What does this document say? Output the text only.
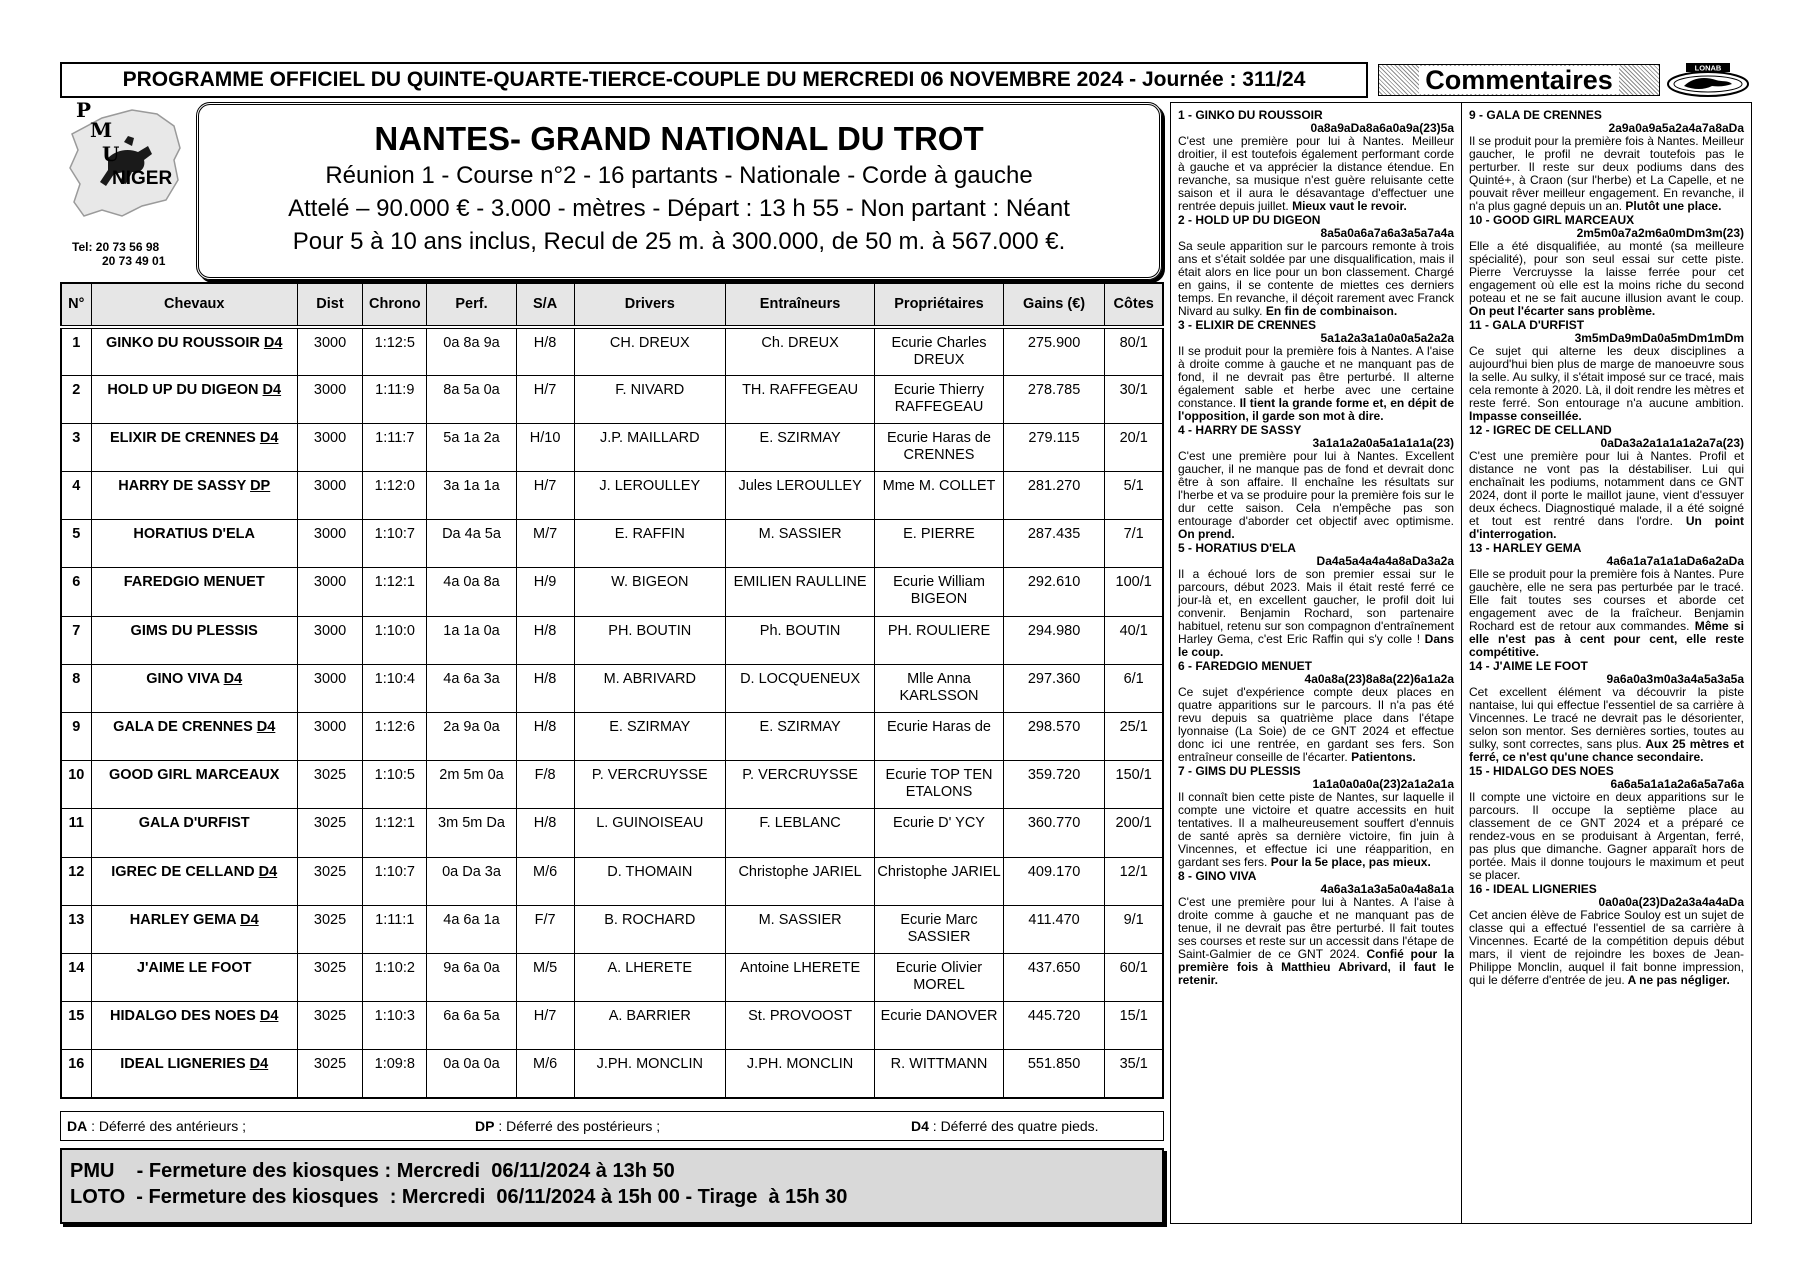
PROGRAMME OFFICIEL DU QUINTE-QUARTE-TIERCE-COUPLE DU MERCREDI 06 NOVEMBRE 2024 - Journée : 311/24	Commentaires	LONAB
P
M
U
NIGER
Tel: 20 73 56 98
20 73 49 01
NANTES- GRAND NATIONAL DU TROT
Réunion 1 - Course n°2 - 16 partants - Nationale - Corde à gauche
Attelé – 90.000 € - 3.000 - mètres - Départ : 13 h 55 - Non partant : Néant
Pour 5 à 10 ans inclus, Recul de 25 m. à 300.000, de 50 m. à 567.000 €.
N°	Chevaux	Dist	Chrono	Perf.	S/A	Drivers	Entraîneurs	Propriétaires	Gains (€)	Côtes
1	GINKO DU ROUSSOIR D4	3000	1:12:5	0a 8a 9a	H/8	CH. DREUX	Ch. DREUX	Ecurie Charles DREUX	275.900	80/1
2	HOLD UP DU DIGEON D4	3000	1:11:9	8a 5a 0a	H/7	F. NIVARD	TH. RAFFEGEAU	Ecurie Thierry RAFFEGEAU	278.785	30/1
3	ELIXIR DE CRENNES D4	3000	1:11:7	5a 1a 2a	H/10	J.P. MAILLARD	E. SZIRMAY	Ecurie Haras de CRENNES	279.115	20/1
4	HARRY DE SASSY DP	3000	1:12:0	3a 1a 1a	H/7	J. LEROULLEY	Jules LEROULLEY	Mme M. COLLET	281.270	5/1
5	HORATIUS D'ELA	3000	1:10:7	Da 4a 5a	M/7	E. RAFFIN	M. SASSIER	E. PIERRE	287.435	7/1
6	FAREDGIO MENUET	3000	1:12:1	4a 0a 8a	H/9	W. BIGEON	EMILIEN RAULLINE	Ecurie William BIGEON	292.610	100/1
7	GIMS DU PLESSIS	3000	1:10:0	1a 1a 0a	H/8	PH. BOUTIN	Ph. BOUTIN	PH. ROULIERE	294.980	40/1
8	GINO VIVA D4	3000	1:10:4	4a 6a 3a	H/8	M. ABRIVARD	D. LOCQUENEUX	Mlle Anna KARLSSON	297.360	6/1
9	GALA DE CRENNES D4	3000	1:12:6	2a 9a 0a	H/8	E. SZIRMAY	E. SZIRMAY	Ecurie Haras de	298.570	25/1
10	GOOD GIRL MARCEAUX	3025	1:10:5	2m 5m 0a	F/8	P. VERCRUYSSE	P. VERCRUYSSE	Ecurie TOP TEN ETALONS	359.720	150/1
11	GALA D'URFIST	3025	1:12:1	3m 5m Da	H/8	L. GUINOISEAU	F. LEBLANC	Ecurie D' YCY	360.770	200/1
12	IGREC DE CELLAND D4	3025	1:10:7	0a Da 3a	M/6	D. THOMAIN	Christophe JARIEL	Christophe JARIEL	409.170	12/1
13	HARLEY GEMA D4	3025	1:11:1	4a 6a 1a	F/7	B. ROCHARD	M. SASSIER	Ecurie Marc SASSIER	411.470	9/1
14	J'AIME LE FOOT	3025	1:10:2	9a 6a 0a	M/5	A. LHERETE	Antoine LHERETE	Ecurie Olivier MOREL	437.650	60/1
15	HIDALGO DES NOES D4	3025	1:10:3	6a 6a 5a	H/7	A. BARRIER	St. PROVOOST	Ecurie DANOVER	445.720	15/1
16	IDEAL LIGNERIES D4	3025	1:09:8	0a 0a 0a	M/6	J.PH. MONCLIN	J.PH. MONCLIN	R. WITTMANN	551.850	35/1
DA : Déferré des antérieurs ;	DP : Déferré des postérieurs ;	D4 : Déferré des quatre pieds.
PMU    - Fermeture des kiosques : Mercredi  06/11/2024 à 13h 50
LOTO  - Fermeture des kiosques  : Mercredi  06/11/2024 à 15h 00 - Tirage  à 15h 30
1 - GINKO DU ROUSSOIR
0a8a9aDa8a6a0a9a(23)5a
C'est une première pour lui à Nantes. Meilleur droitier, il est toutefois également performant corde à gauche et va apprécier la distance étendue. En revanche, sa musique n'est guère reluisante cette saison et il aura le désavantage d'effectuer une rentrée depuis juillet. Mieux vaut le revoir.
2 - HOLD UP DU DIGEON
8a5a0a6a7a6a3a5a7a4a
Sa seule apparition sur le parcours remonte à trois ans et s'était soldée par une disqualification, mais il était alors en lice pour un bon classement. Chargé en gains, il se contente de miettes ces derniers temps. En revanche, il déçoit rarement avec Franck Nivard au sulky. En fin de combinaison.
3 - ELIXIR DE CRENNES
5a1a2a3a1a0a0a5a2a2a
Il se produit pour la première fois à Nantes. A l'aise à droite comme à gauche et ne manquant pas de fond, il ne devrait pas être perturbé. Il alterne également sable et herbe avec une certaine constance. Il tient la grande forme et, en dépit de l'opposition, il garde son mot à dire.
4 - HARRY DE SASSY
3a1a1a2a0a5a1a1a1a(23)
C'est une première pour lui à Nantes. Excellent gaucher, il ne manque pas de fond et devrait donc être à son affaire. Il enchaîne les résultats sur l'herbe et va se produire pour la première fois sur le dur cette saison. Cela n'empêche pas son entourage d'aborder cet objectif avec optimisme. On prend.
5 - HORATIUS D'ELA
Da4a5a4a4a4a8aDa3a2a
Il a échoué lors de son premier essai sur le parcours, début 2023. Mais il était resté ferré ce jour-là et, en excellent gaucher, le profil doit lui convenir. Benjamin Rochard, son partenaire habituel, retenu sur son compagnon d'entraînement Harley Gema, c'est Eric Raffin qui s'y colle ! Dans le coup.
6 - FAREDGIO MENUET
4a0a8a(23)8a8a(22)6a1a2a
Ce sujet d'expérience compte deux places en quatre apparitions sur le parcours. Il n'a pas été revu depuis sa quatrième place dans l'étape lyonnaise (La Soie) de ce GNT 2024 et effectue donc ici une rentrée, en gardant ses fers. Son entraîneur conseille de l'écarter. Patientons.
7 - GIMS DU PLESSIS
1a1a0a0a0a(23)2a1a2a1a
Il connaît bien cette piste de Nantes, sur laquelle il compte une victoire et quatre accessits en huit tentatives. Il a malheureusement souffert d'ennuis de santé après sa dernière victoire, fin juin à Vincennes, et effectue ici une réapparition, en gardant ses fers. Pour la 5e place, pas mieux.
8 - GINO VIVA
4a6a3a1a3a5a0a4a8a1a
C'est une première pour lui à Nantes. A l'aise à droite comme à gauche et ne manquant pas de tenue, il ne devrait pas être perturbé. Il fait toutes ses courses et reste sur un accessit dans l'étape de Saint-Galmier de ce GNT 2024. Confié pour la première fois à Matthieu Abrivard, il faut le retenir.
9 - GALA DE CRENNES
2a9a0a9a5a2a4a7a8aDa
Il se produit pour la première fois à Nantes. Meilleur gaucher, le profil ne devrait toutefois pas le perturber. Il reste sur deux podiums dans des Quinté+, à Craon (sur l'herbe) et La Capelle, et ne pouvait rêver meilleur engagement. En revanche, il n'a plus gagné depuis un an. Plutôt une place.
10 - GOOD GIRL MARCEAUX
2m5m0a7a2m6a0mDm3m(23)
Elle a été disqualifiée, au monté (sa meilleure spécialité), pour son seul essai sur cette piste. Pierre Vercruysse la laisse ferrée pour cet engagement où elle est la moins riche du second poteau et ne se fait aucune illusion avant le coup. On peut l'écarter sans problème.
11 - GALA D'URFIST
3m5mDa9mDa0a5mDm1mDm
Ce sujet qui alterne les deux disciplines a aujourd'hui bien plus de marge de manoeuvre sous la selle. Au sulky, il s'était imposé sur ce tracé, mais cela remonte à 2020. Là, il doit rendre les mètres et reste ferré. Son entourage n'a aucune ambition. Impasse conseillée.
12 - IGREC DE CELLAND
0aDa3a2a1a1a1a2a7a(23)
C'est une première pour lui à Nantes. Profil et distance ne vont pas la déstabiliser. Lui qui enchaînait les podiums, notamment dans ce GNT 2024, dont il porte le maillot jaune, vient d'essuyer deux échecs. Diagnostiqué malade, il a été soigné et tout est rentré dans l'ordre. Un point d'interrogation.
13 - HARLEY GEMA
4a6a1a7a1a1aDa6a2aDa
Elle se produit pour la première fois à Nantes. Pure gauchère, elle ne sera pas perturbée par le tracé. Elle fait toutes ses courses et aborde cet engagement avec de la fraîcheur. Benjamin Rochard est de retour aux commandes. Même si elle n'est pas à cent pour cent, elle reste compétitive.
14 - J'AIME LE FOOT
9a6a0a3m0a3a4a5a3a5a
Cet excellent élément va découvrir la piste nantaise, lui qui effectue l'essentiel de sa carrière à Vincennes. Le tracé ne devrait pas le désorienter, selon son mentor. Ses dernières sorties, toutes au sulky, sont correctes, sans plus. Aux 25 mètres et ferré, ce n'est qu'une chance secondaire.
15 - HIDALGO DES NOES
6a6a5a1a1a2a6a5a7a6a
Il compte une victoire en deux apparitions sur le parcours. Il occupe la septième place au classement de ce GNT 2024 et a préparé ce rendez-vous en se produisant à Argentan, ferré, pas plus que dimanche. Gagner apparaît hors de portée. Mais il donne toujours le maximum et peut se placer.
16 - IDEAL LIGNERIES
0a0a0a(23)Da2a3a4a4aDa
Cet ancien élève de Fabrice Souloy est un sujet de classe qui a effectué l'essentiel de sa carrière à Vincennes. Ecarté de la compétition depuis début mars, il vient de rejoindre les boxes de Jean-Philippe Monclin, auquel il fait bonne impression, qui le déferre d'entrée de jeu. A ne pas négliger.
